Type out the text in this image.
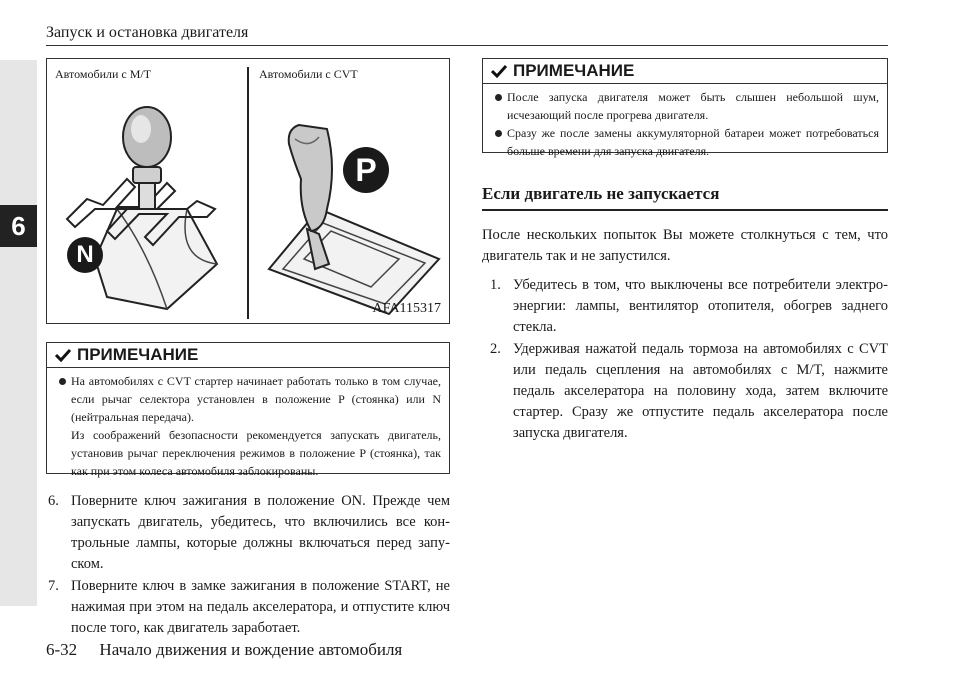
6
Запуск и остановка двигателя
Автомобили с M/T	Автомобили с CVT
N
P
AFA115317
ПРИМЕЧАНИЕ
На автомобилях с CVT стартер начинает работать только в том случае, если рычаг селектора установлен в положение P (стоянка) или N (нейтральная передача).
Из соображений безопасности рекомендуется запускать двигатель, установив рычаг переключения режимов в положение P (стоянка), так как при этом колеса автомобиля заблокированы.
6. Поверните ключ зажигания в положение ON. Прежде чем запускать двигатель, убедитесь, что включились все контрольные лампы, которые должны включаться перед запуском.
7. Поверните ключ в замке зажигания в положение START, не нажимая при этом на педаль акселератора, и отпустите ключ после того, как двигатель заработает.
ПРИМЕЧАНИЕ
После запуска двигателя может быть слышен небольшой шум, исчезающий после прогрева двигателя.
Сразу же после замены аккумуляторной батареи может потребоваться больше времени для запуска двигателя.
Если двигатель не запускается
После нескольких попыток Вы можете столкнуться с тем, что двигатель так и не запустился.
1. Убедитесь в том, что выключены все потребители электроэнергии: лампы, вентилятор отопителя, обогрев заднего стекла.
2. Удерживая нажатой педаль тормоза на автомобилях с CVT или педаль сцепления на автомобилях с M/T, нажмите педаль акселератора на половину хода, затем включите стартер. Сразу же отпустите педаль акселератора после запуска двигателя.
6-32 Начало движения и вождение автомобиля
